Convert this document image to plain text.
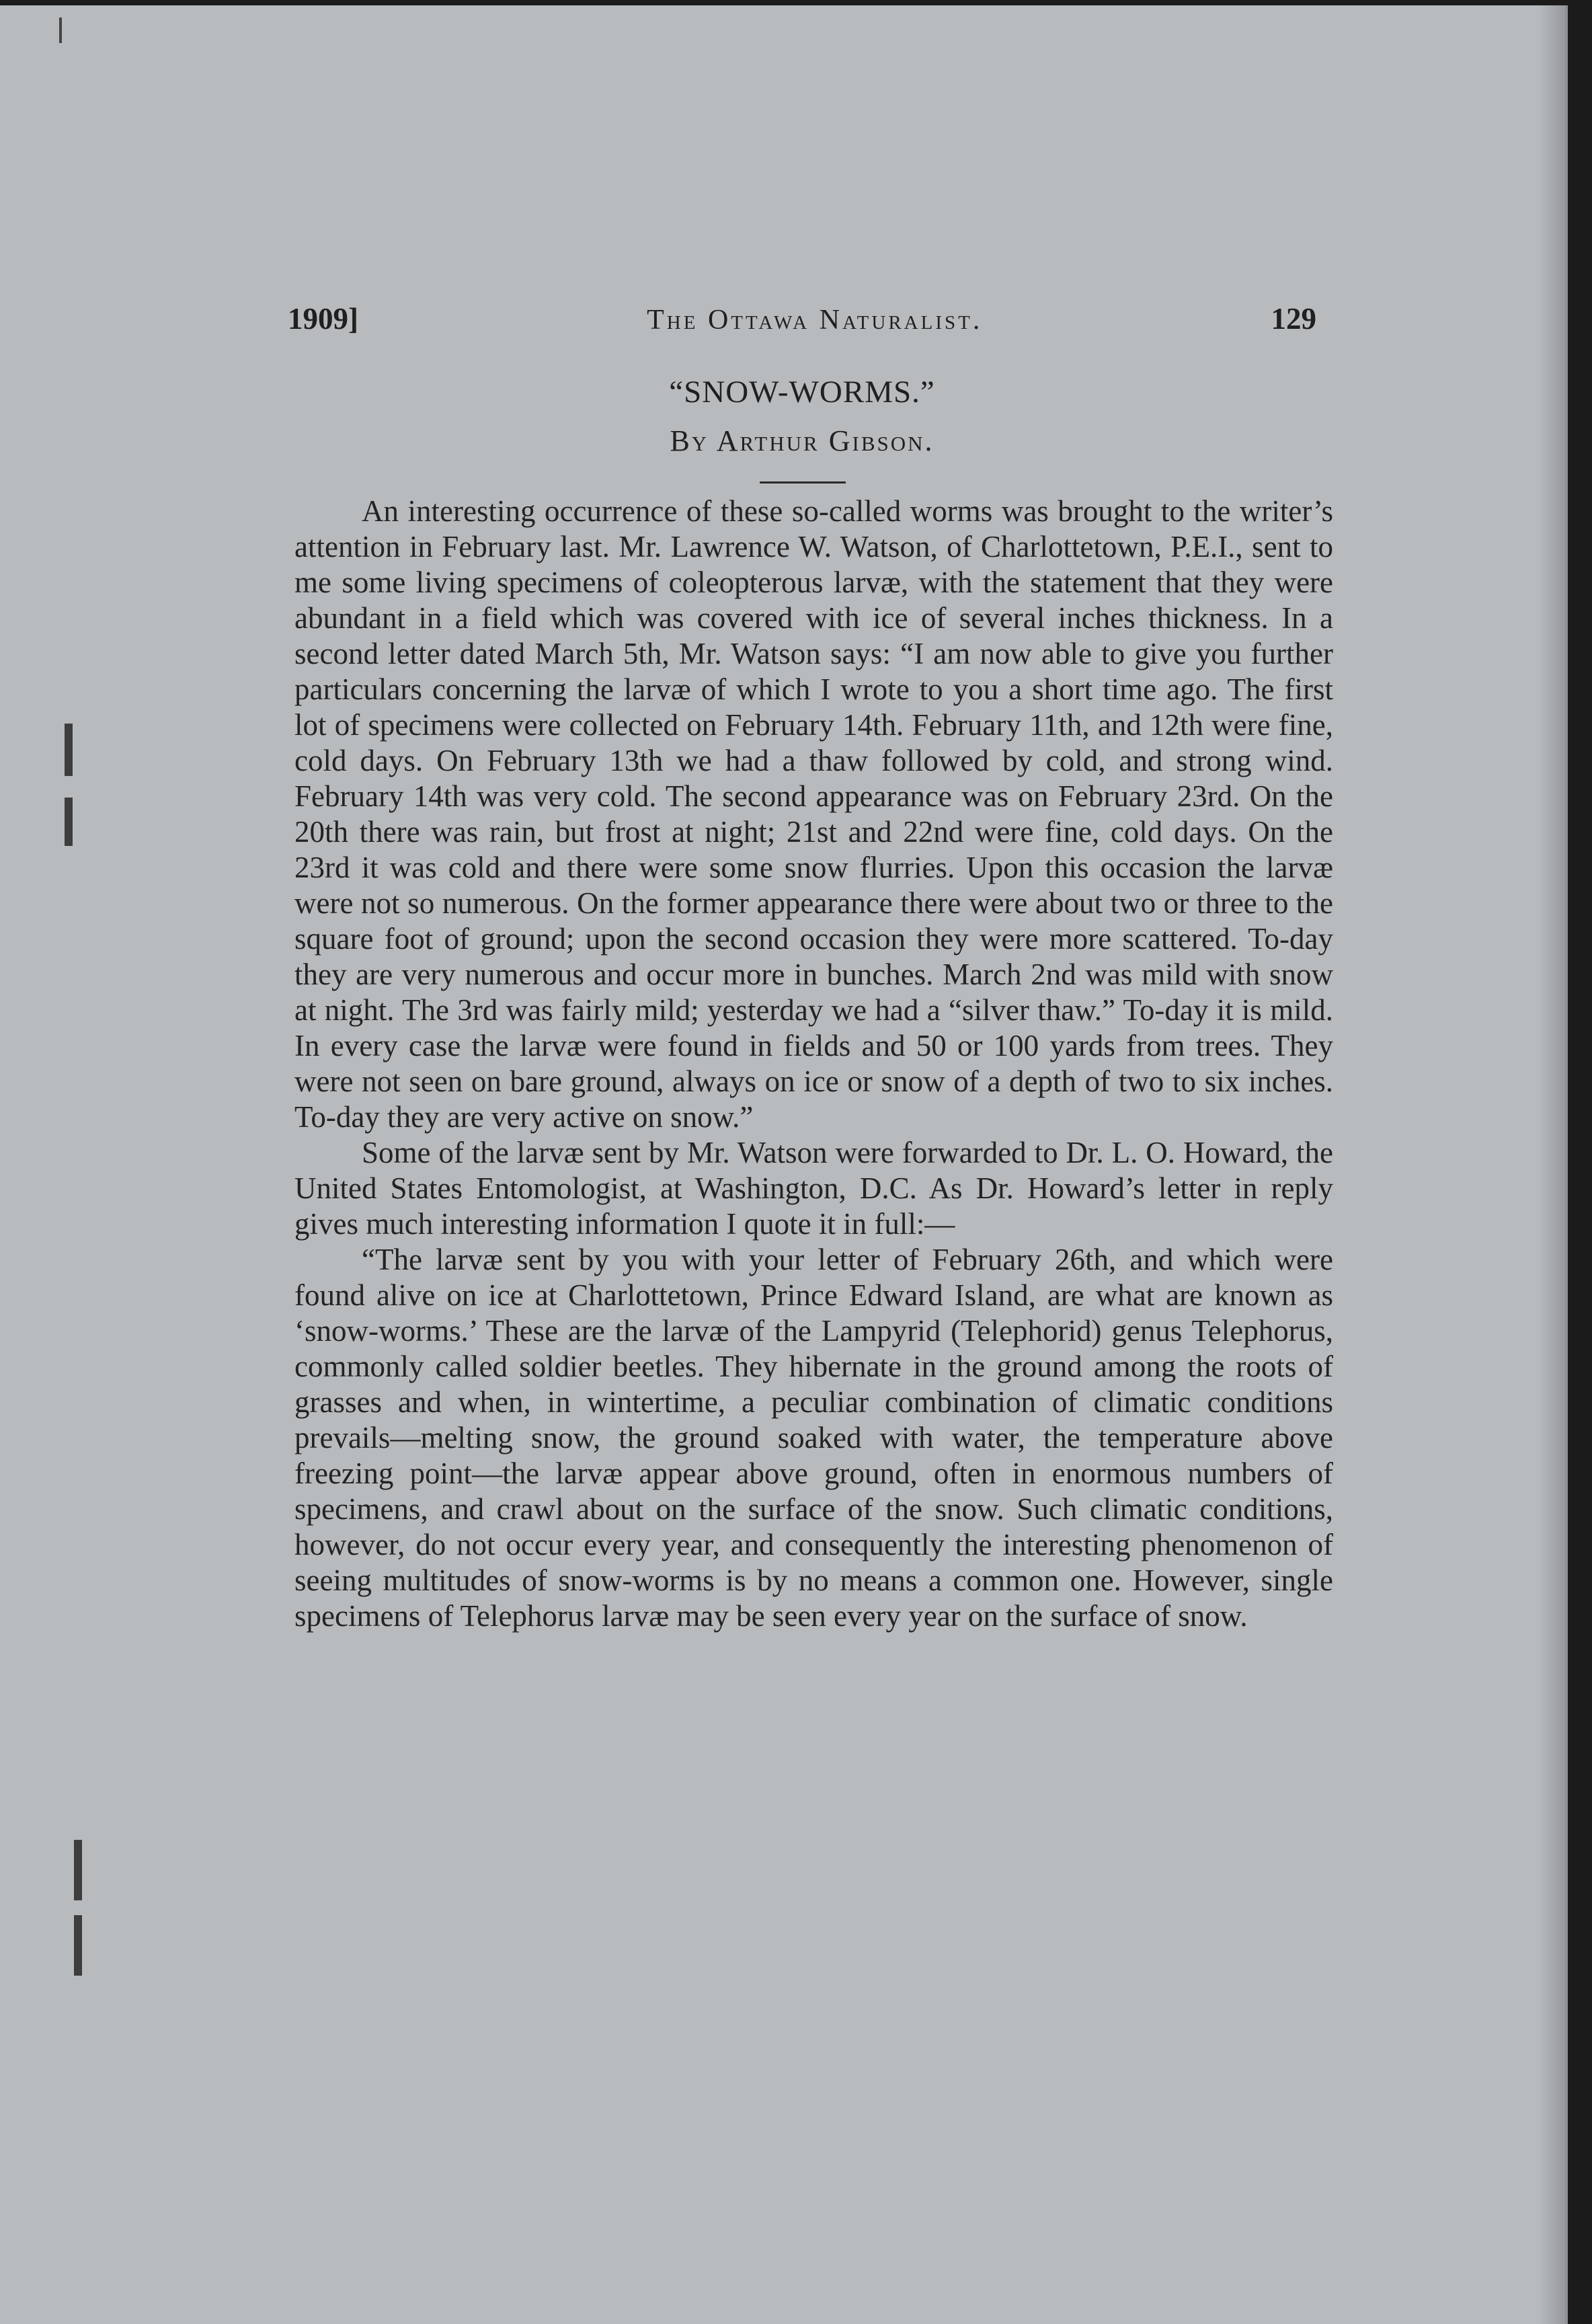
1909]	The Ottawa Naturalist.	129
“SNOW-WORMS.”
By Arthur Gibson.

An interesting occurrence of these so-called worms was brought to the writer’s attention in February last. Mr. Lawrence W. Watson, of Charlottetown, P.E.I., sent to me some living specimens of coleopterous larvæ, with the statement that they were abundant in a field which was covered with ice of several inches thickness. In a second letter dated March 5th, Mr. Watson says: “I am now able to give you further particulars concerning the larvæ of which I wrote to you a short time ago. The first lot of specimens were collected on February 14th. February 11th, and 12th were fine, cold days. On February 13th we had a thaw followed by cold, and strong wind. February 14th was very cold. The second appearance was on February 23rd. On the 20th there was rain, but frost at night; 21st and 22nd were fine, cold days. On the 23rd it was cold and there were some snow flurries. Upon this occasion the larvæ were not so numerous. On the former appearance there were about two or three to the square foot of ground; upon the second occasion they were more scattered. To-day they are very numerous and occur more in bunches. March 2nd was mild with snow at night. The 3rd was fairly mild; yesterday we had a “silver thaw.” To-day it is mild. In every case the larvæ were found in fields and 50 or 100 yards from trees. They were not seen on bare ground, always on ice or snow of a depth of two to six inches. To-day they are very active on snow.”

Some of the larvæ sent by Mr. Watson were forwarded to Dr. L. O. Howard, the United States Entomologist, at Washington, D.C. As Dr. Howard’s letter in reply gives much interesting information I quote it in full:—

“The larvæ sent by you with your letter of February 26th, and which were found alive on ice at Charlottetown, Prince Edward Island, are what are known as ‘snow-worms.’ These are the larvæ of the Lampyrid (Telephorid) genus Telephorus, commonly called soldier beetles. They hibernate in the ground among the roots of grasses and when, in wintertime, a peculiar combination of climatic conditions prevails—melting snow, the ground soaked with water, the temperature above freezing point—the larvæ appear above ground, often in enormous numbers of specimens, and crawl about on the surface of the snow. Such climatic conditions, however, do not occur every year, and consequently the interesting phenomenon of seeing multitudes of snow-worms is by no means a common one. However, single specimens of Telephorus larvæ may be seen every year on the surface of snow.
